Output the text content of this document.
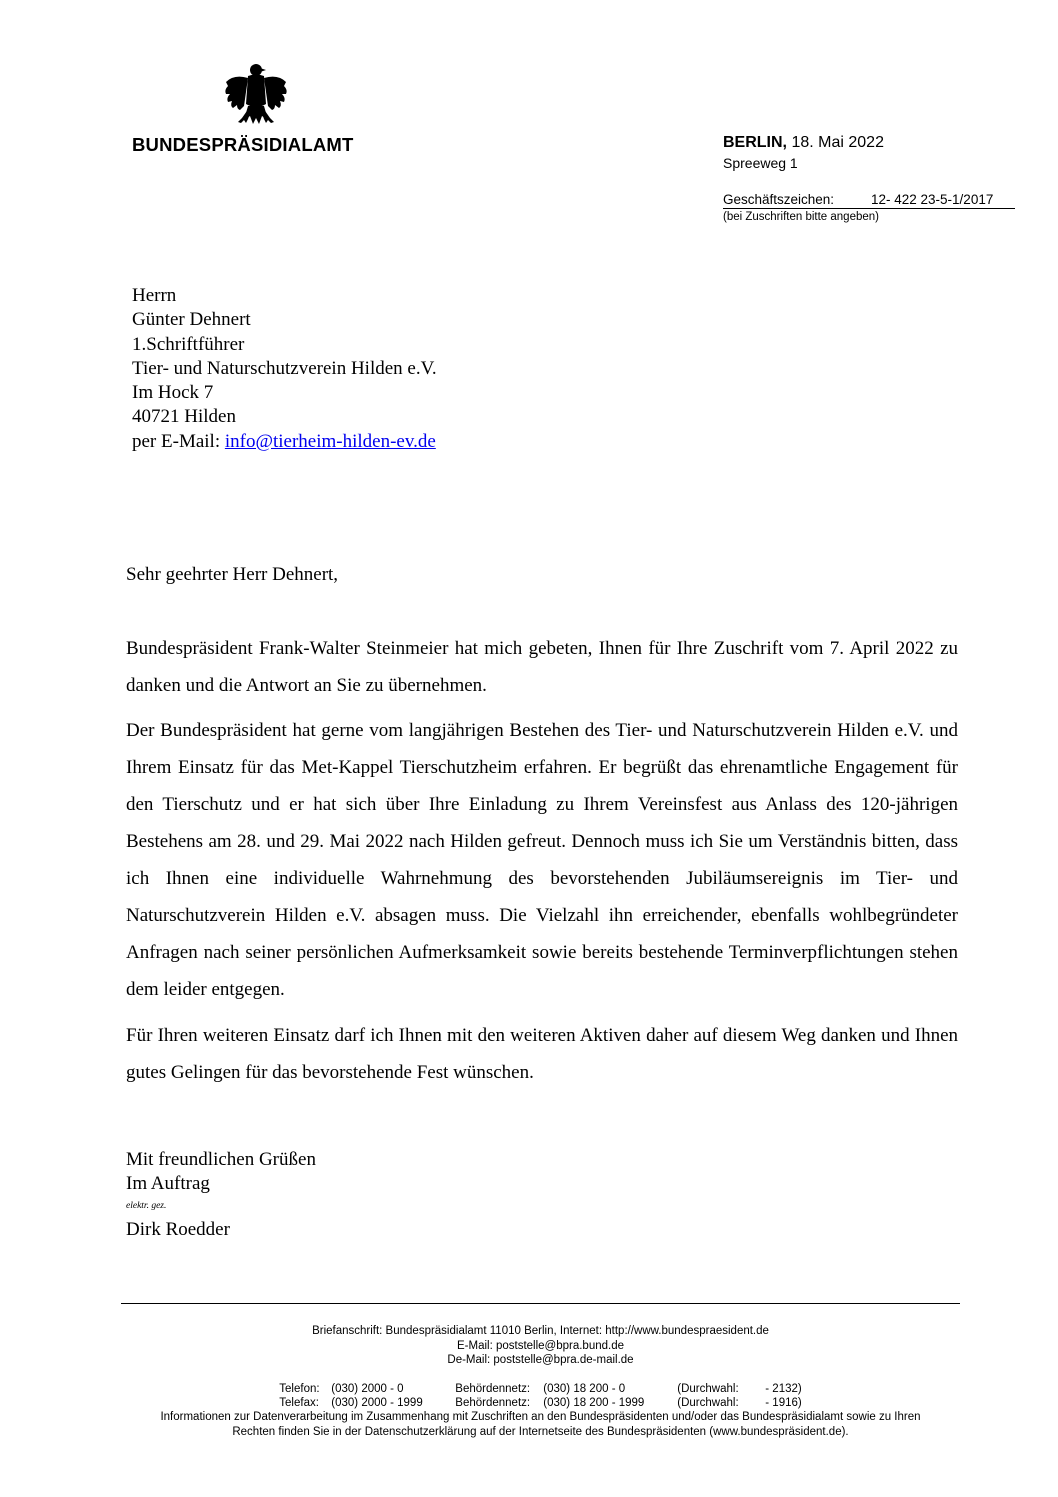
BUNDESPRÄSIDIALAMT	BERLIN, 18. Mai 2022
Spreeweg 1
Geschäftszeichen:	12- 422 23-5-1/2017
(bei Zuschriften bitte angeben)
Herrn
Günter Dehnert
1.Schriftführer
Tier- und Naturschutzverein Hilden e.V.
Im Hock 7
40721 Hilden
per E-Mail: info@tierheim-hilden-ev.de
Sehr geehrter Herr Dehnert,

Bundespräsident Frank-Walter Steinmeier hat mich gebeten, Ihnen für Ihre Zuschrift vom 7. April 2022 zu danken und die Antwort an Sie zu übernehmen.

Der Bundespräsident hat gerne vom langjährigen Bestehen des Tier- und Naturschutzverein Hilden e.V. und Ihrem Einsatz für das Met-Kappel Tierschutzheim erfahren. Er begrüßt das ehrenamtliche Engagement für den Tierschutz und er hat sich über Ihre Einladung zu Ihrem Vereinsfest aus Anlass des 120-jährigen Bestehens am 28. und 29. Mai 2022 nach Hilden gefreut. Dennoch muss ich Sie um Verständnis bitten, dass ich Ihnen eine individuelle Wahrnehmung des bevorstehenden Jubiläumsereignis im Tier- und Naturschutzverein Hilden e.V. absagen muss. Die Vielzahl ihn erreichender, ebenfalls wohlbegründeter Anfragen nach seiner persönlichen Aufmerksamkeit sowie bereits bestehende Terminverpflichtungen stehen dem leider entgegen.

Für Ihren weiteren Einsatz darf ich Ihnen mit den weiteren Aktiven daher auf diesem Weg danken und Ihnen gutes Gelingen für das bevorstehende Fest wünschen.

Mit freundlichen Grüßen
Im Auftrag
elektr. gez.
Dirk Roedder
Briefanschrift: Bundespräsidialamt 11010 Berlin, Internet: http://www.bundespraesident.de
E-Mail: poststelle@bpra.bund.de
De-Mail: poststelle@bpra.de-mail.de
Telefon:	(030) 2000 - 0	Behördennetz:	(030) 18 200 - 0	(Durchwahl:	- 2132)
Telefax:	(030) 2000 - 1999	Behördennetz:	(030) 18 200 - 1999	(Durchwahl:	- 1916)
Informationen zur Datenverarbeitung im Zusammenhang mit Zuschriften an den Bundespräsidenten und/oder das Bundespräsidialamt sowie zu Ihren
Rechten finden Sie in der Datenschutzerklärung auf der Internetseite des Bundespräsidenten (www.bundespräsident.de).
